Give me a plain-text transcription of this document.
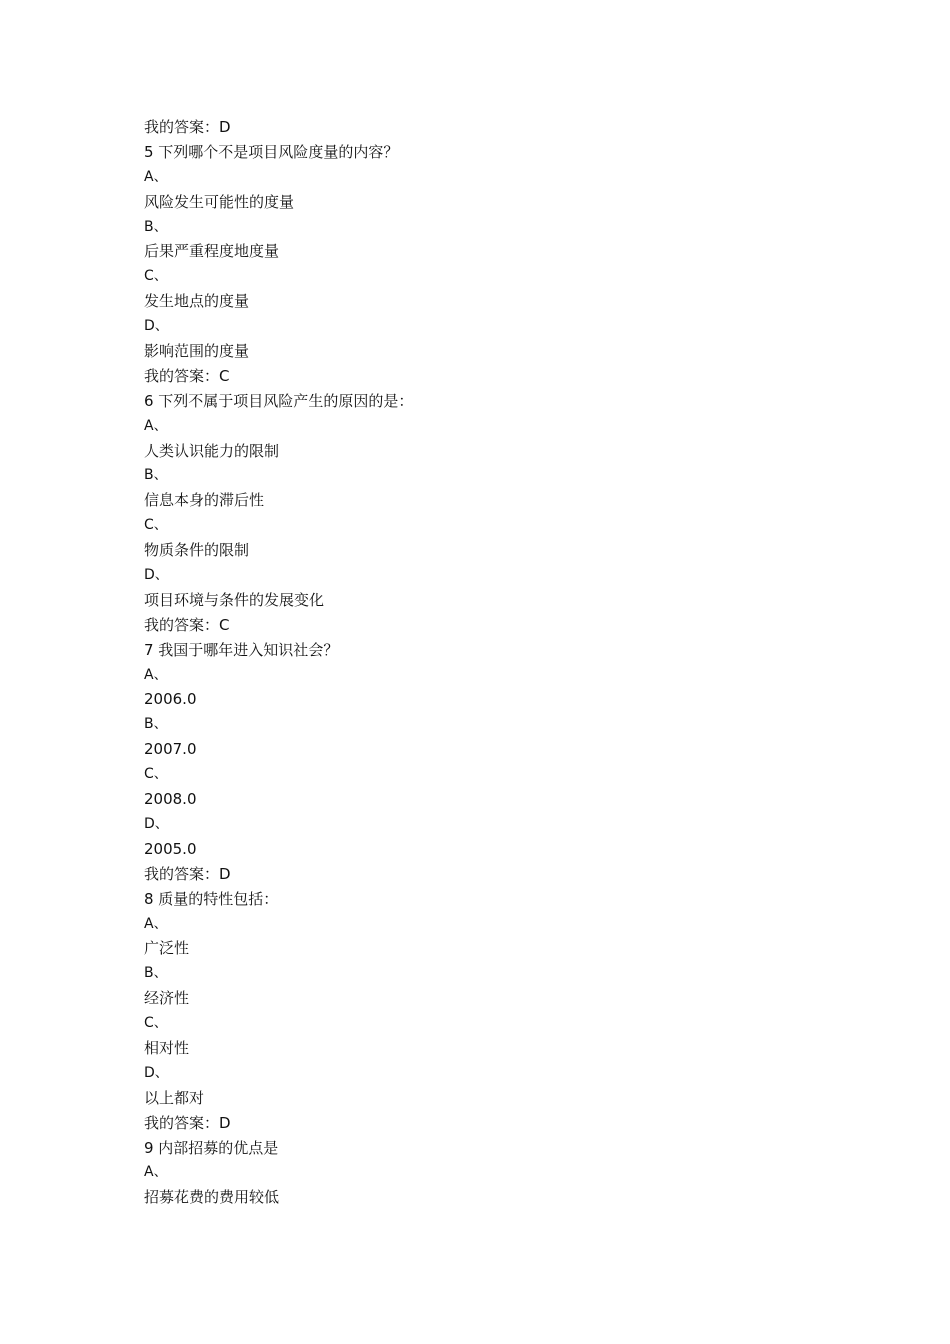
我的答案：D
5 下列哪个不是项目风险度量的内容？
A、
风险发生可能性的度量
B、
后果严重程度地度量
C、
发生地点的度量
D、
影响范围的度量
我的答案：C
6 下列不属于项目风险产生的原因的是：
A、
人类认识能力的限制
B、
信息本身的滞后性
C、
物质条件的限制
D、
项目环境与条件的发展变化
我的答案：C
7 我国于哪年进入知识社会？
A、
2006.0
B、
2007.0
C、
2008.0
D、
2005.0
我的答案：D
8 质量的特性包括：
A、
广泛性
B、
经济性
C、
相对性
D、
以上都对
我的答案：D
9 内部招募的优点是
A、
招募花费的费用较低
